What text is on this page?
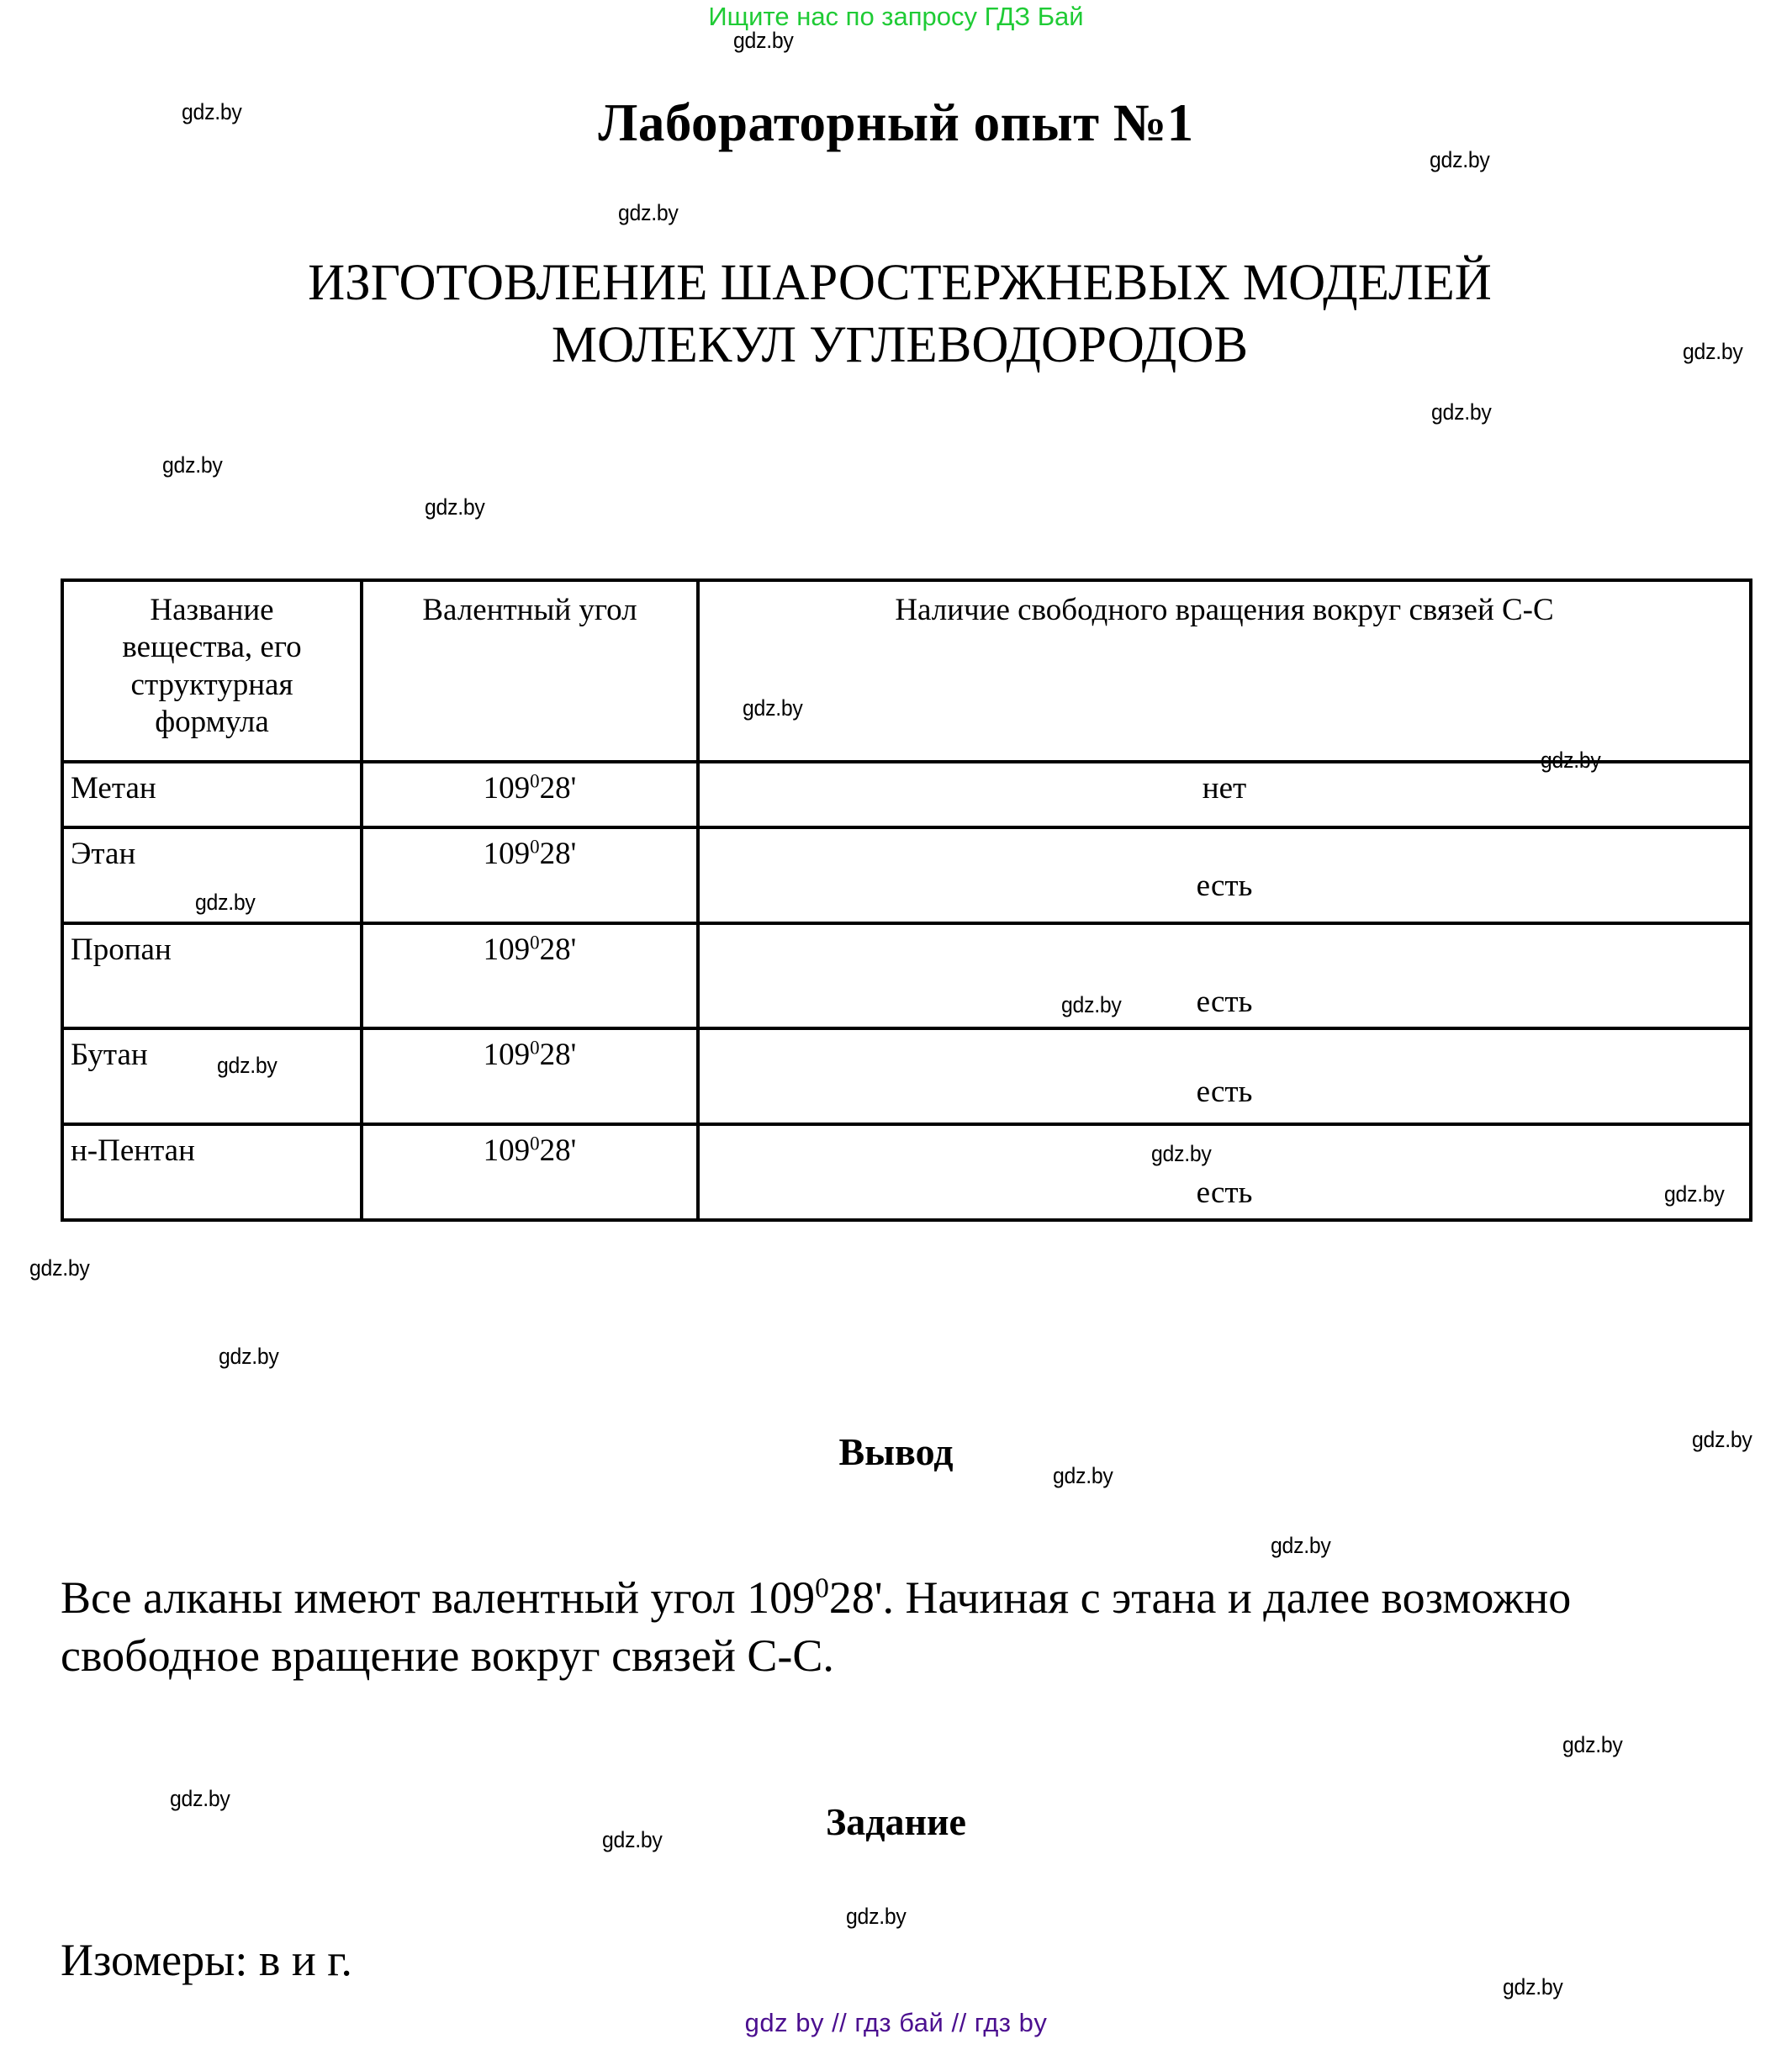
Ищите нас по запросу ГДЗ Бай
Лабораторный опыт №1
ИЗГОТОВЛЕНИЕ ШАРОСТЕРЖНЕВЫХ МОДЕЛЕЙ
МОЛЕКУЛ УГЛЕВОДОРОДОВ
Название
вещества, его
структурная
формула	Валентный угол	Наличие свободного вращения вокруг связей С-С
Метан	$109^028'$	нет

Этан	$109^028'$	есть

Пропан	$109^028'$	есть

Бутан	$109^028'$	есть

н-Пентан	$109^028'$	есть
Вывод
Все алканы имеют валентный угол $109^028'$. Начиная с этана и далее возможно свободное вращение вокруг связей С-С.
Задание
Изомеры: в и г.
gdz.by
gdz.by
gdz.by
gdz.by
gdz.by
gdz.by
gdz.by
gdz.by
gdz.by
gdz.by
gdz.by
gdz.by
gdz.by
gdz.by
gdz.by
gdz.by
gdz.by
gdz.by
gdz.by
gdz.by
gdz.by
gdz.by
gdz.by
gdz.by
gdz.by
gdz by // гдз бай // гдз by
